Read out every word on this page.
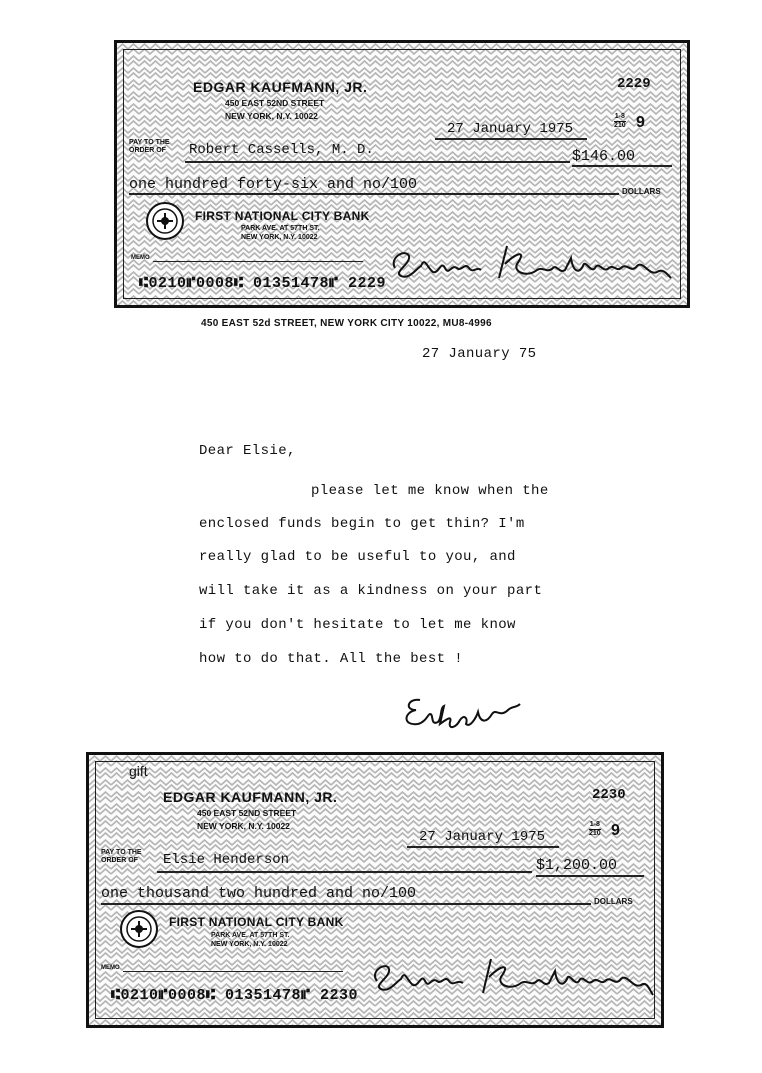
EDGAR KAUFMANN, JR.
450 EAST 52ND STREET
NEW YORK, N.Y. 10022
2229
27 January 1975	$\frac{1-8}{210} 9$
PAY TO THE
ORDER OF Robert Cassells, M. D.	$146.00
one hundred forty-six and no/100	DOLLARS
FIRST NATIONAL CITY BANK
PARK AVE. AT 57TH ST.
NEW YORK, N.Y. 10022
MEMO
⑆0210⑈0008⑆ 01351478⑈ 2229
450 EAST 52d STREET, NEW YORK CITY 10022, MU8-4996
27 January 75
Dear Elsie,
please let me know when the
enclosed funds begin to get thin? I'm
really glad to be useful to you, and
will take it as a kindness on your part
if you don't hesitate to let me know
how to do that. All the best !
gift
EDGAR KAUFMANN, JR.
450 EAST 52ND STREET
NEW YORK, N.Y. 10022
2230
27 January 1975	$\frac{1-8}{210} 9$
PAY TO THE
ORDER OF Elsie Henderson	$1,200.00
one thousand two hundred and no/100	DOLLARS
FIRST NATIONAL CITY BANK
PARK AVE. AT 57TH ST.
NEW YORK, N.Y. 10022
MEMO
⑆0210⑈0008⑆ 01351478⑈ 2230
